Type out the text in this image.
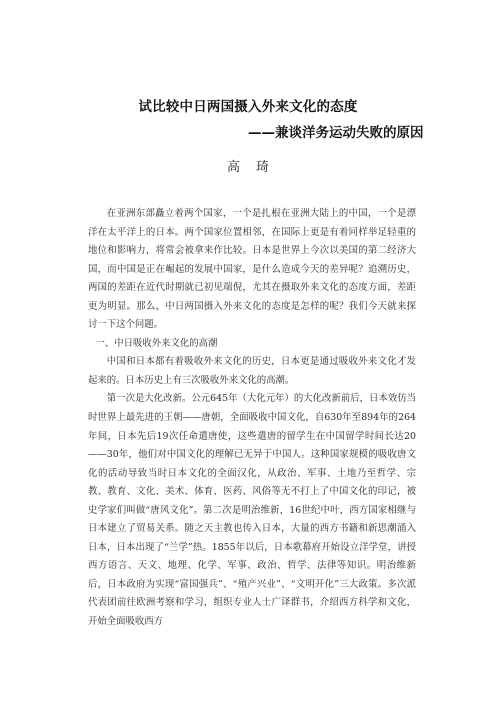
试比较中日两国摄入外来文化的态度
——兼谈洋务运动失败的原因
高琦

在亚洲东部矗立着两个国家，一个是扎根在亚洲大陆上的中国，一个是漂洋在太平洋上的日本。两个国家位置相邻，在国际上更是有着同样举足轻重的地位和影响力，将常会被拿来作比较。日本是世界上今次以美国的第二经济大国，而中国是正在崛起的发展中国家，是什么造成今天的差异呢？追溯历史，两国的差距在近代时期就已初见端倪，尤其在摄取外来文化的态度方面，差距更为明显。那么，中日两国摄入外来文化的态度是怎样的呢？我们今天就来探讨一下这个问题。

一、中日吸收外来文化的高潮

中国和日本都有着吸收外来文化的历史，日本更是通过吸收外来文化才发起来的。日本历史上有三次吸收外来文化的高潮。

第一次是大化改新。公元645年（大化元年）的大化改新前后，日本效仿当时世界上最先进的王朝——唐朝，全面吸收中国文化，自630年至894年的264年间，日本先后19次任命遣唐使，这些遣唐的留学生在中国留学时间长达20——30年，他们对中国文化的理解已无异于中国人。这种国家规模的吸收唐文化的活动导致当时日本文化的全面汉化，从政治、军事、土地乃至哲学、宗教、教育、文化、美术、体育、医药、风俗等无不打上了中国文化的印记，被史学家们叫做“唐风文化”。第二次是明治维新，16世纪中叶，西方国家相继与日本建立了贸易关系。随之天主教也传入日本，大量的西方书籍和新思潮涌入日本，日本出现了“兰学”热。1855年以后，日本歌幕府开始设立洋学堂，讲授西方语言、天文、地理、化学、军事、政治、哲学、法律等知识。明治维新后，日本政府为实现“富国强兵”、“殖产兴业”、“文明开化”三大政策。多次派代表团前往欧洲考察和学习，组织专业人士广译群书，介绍西方科学和文化，开始全面吸收西方
